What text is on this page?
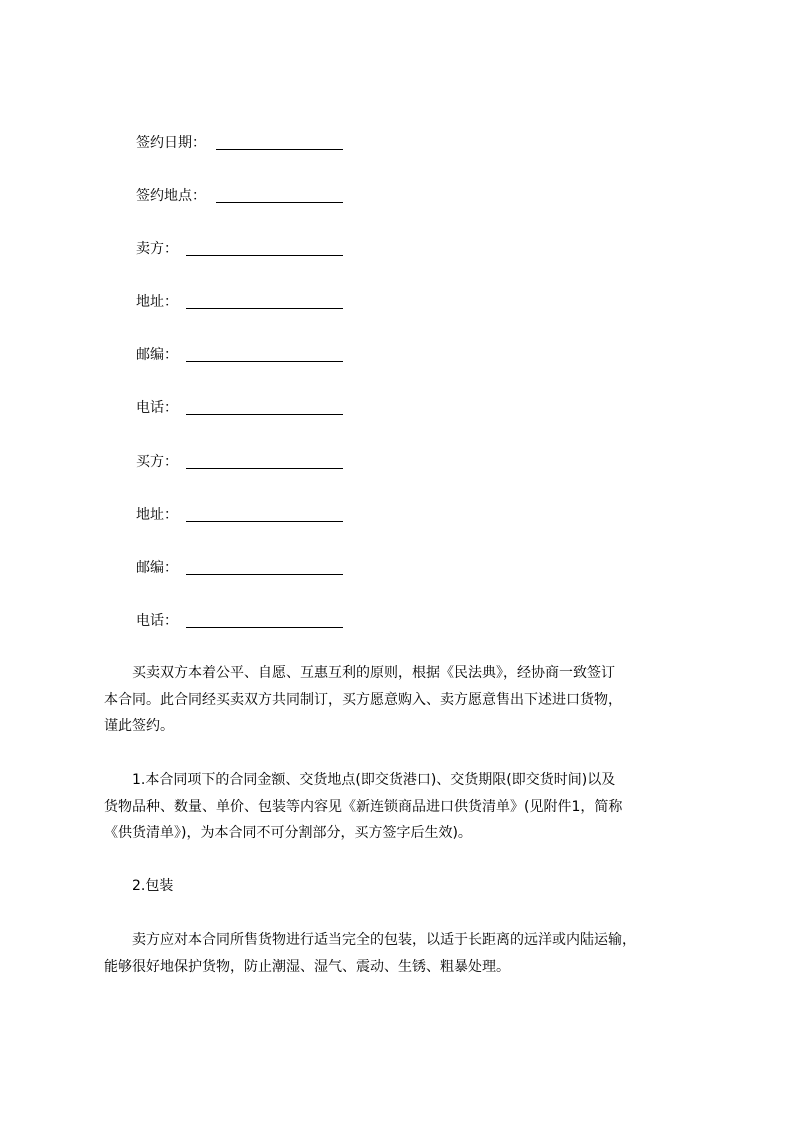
签约日期：
签约地点：
卖方：
地址：
邮编：
电话：
买方：
地址：
邮编：
电话：
　　买卖双方本着公平、自愿、互惠互利的原则，根据《民法典》，经协商一致签订
本合同。此合同经买卖双方共同制订，买方愿意购入、卖方愿意售出下述进口货物，
谨此签约。
　　1.本合同项下的合同金额、交货地点(即交货港口)、交货期限(即交货时间)以及
货物品种、数量、单价、包装等内容见《新连锁商品进口供货清单》(见附件1，简称
《供货清单》)，为本合同不可分割部分，买方签字后生效)。
　　2.包装
　　卖方应对本合同所售货物进行适当完全的包装，以适于长距离的远洋或内陆运输，
能够很好地保护货物，防止潮湿、湿气、震动、生锈、粗暴处理。
